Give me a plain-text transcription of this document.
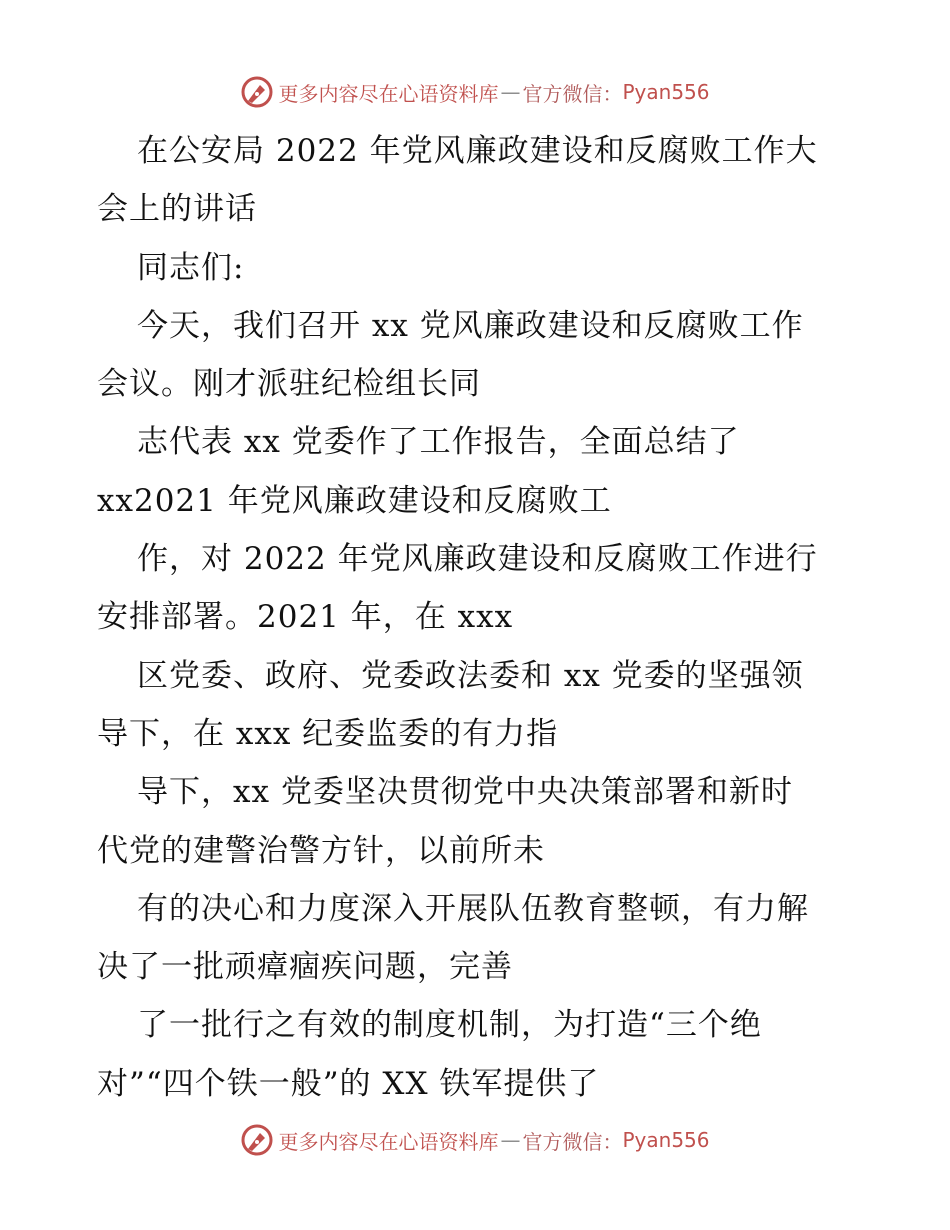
更多内容尽在心语资料库 — 官方微信： Pyan556
在公安局 2022 年党风廉政建设和反腐败工作大
会上的讲话
同志们:
今天，我们召开 xx 党风廉政建设和反腐败工作
会议。刚才派驻纪检组长同
志代表 xx 党委作了工作报告，全面总结了
xx2021 年党风廉政建设和反腐败工
作，对 2022 年党风廉政建设和反腐败工作进行
安排部署。2021 年，在 xxx
区党委、政府、党委政法委和 xx 党委的坚强领
导下，在 xxx 纪委监委的有力指
导下，xx 党委坚决贯彻党中央决策部署和新时
代党的建警治警方针，以前所未
有的决心和力度深入开展队伍教育整顿，有力解
决了一批顽瘴痼疾问题，完善
了一批行之有效的制度机制，为打造“三个绝
对”“四个铁一般”的 XX 铁军提供了
更多内容尽在心语资料库 — 官方微信： Pyan556
